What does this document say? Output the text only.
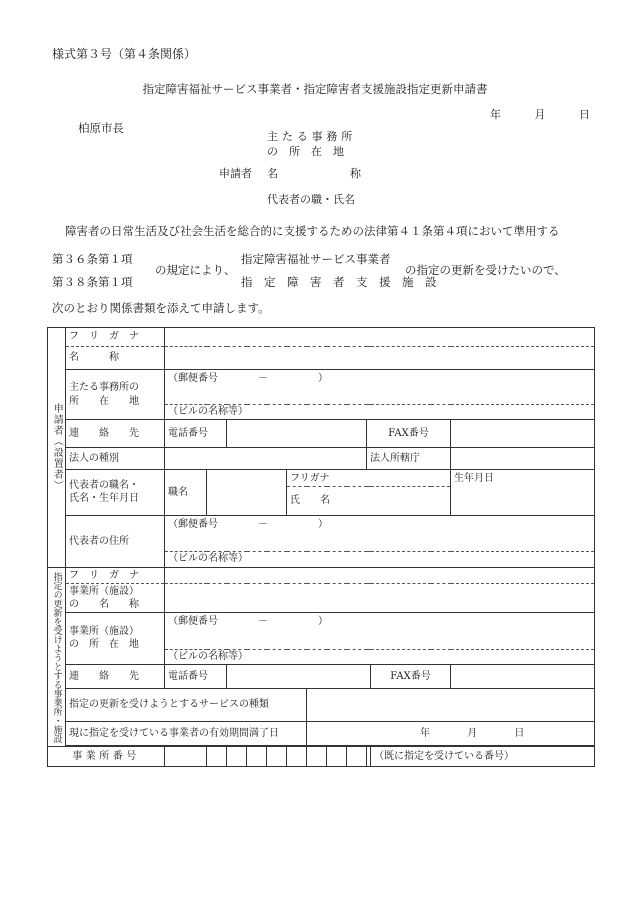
様式第３号（第４条関係）
指定障害福祉サービス事業者・指定障害者支援施設指定更新申請書
年	月	日
柏原市長
主たる事務所
の　所　在　地
申請者 名	称
代表者の職・氏名
障害者の日常生活及び社会生活を総合的に支援するための法律第４１条第４項において準用する
第３６条第１項
第３８条第１項
の規定により、
指定障害福祉サービス事業者
指　定　障　害　者　支　援　施　設
の指定の更新を受けたいので、
次のとおり関係書類を添えて申請します。
申請者（設置者）	フ　リ　ガ　ナ												
	名　　　称												

	主たる事務所の
所　　在　　地	（郵便番号　　　　－　　　　　）											
		（ビルの名称等）											
	連　　絡　　先	電話番号									FAX番号		
	法人の種別										法人所轄庁		

	代表者の職名・
氏名・生年月日	職名					フリガナ						生年月日
							氏　　名						
	代表者の住所	（郵便番号　　　　－　　　　　）											
		（ビルの名称等）											
指定の更新を受けようとする事業所・施設	フ　リ　ガ　ナ												

	事業所（施設）
の　　名　　称												

	事業所（施設）
の　所　在　地	（郵便番号　　　　－　　　　　）											
		（ビルの名称等）											
	連　　絡　　先	電話番号										FAX番号	
	指定の更新を受けようとするサービスの種類												
	現に指定を受けている事業者の有効期間満了日							年 月 日					

事業所番号												（既に指定を受けている番号）	
